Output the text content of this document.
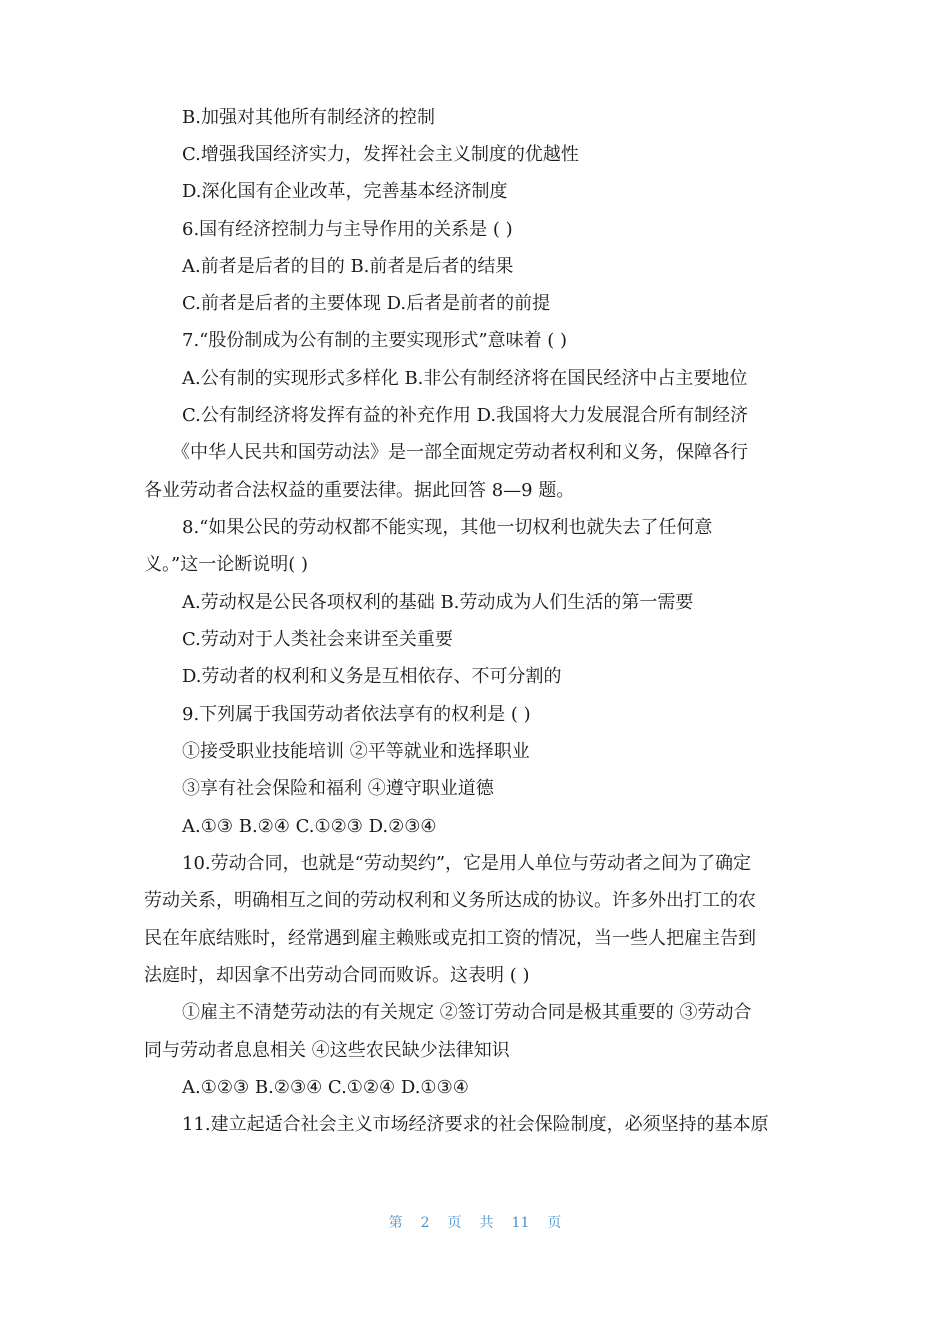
B.加强对其他所有制经济的控制
C.增强我国经济实力，发挥社会主义制度的优越性
D.深化国有企业改革，完善基本经济制度
6.国有经济控制力与主导作用的关系是 ( )
A.前者是后者的目的 B.前者是后者的结果
C.前者是后者的主要体现 D.后者是前者的前提
7.“股份制成为公有制的主要实现形式”意味着 ( )
A.公有制的实现形式多样化 B.非公有制经济将在国民经济中占主要地位
C.公有制经济将发挥有益的补充作用 D.我国将大力发展混合所有制经济
《中华人民共和国劳动法》是一部全面规定劳动者权利和义务，保障各行
各业劳动者合法权益的重要法律。据此回答 8—9 题。
8.“如果公民的劳动权都不能实现，其他一切权利也就失去了任何意
义。”这一论断说明( )
A.劳动权是公民各项权利的基础 B.劳动成为人们生活的第一需要
C.劳动对于人类社会来讲至关重要
D.劳动者的权利和义务是互相依存、不可分割的
9.下列属于我国劳动者依法享有的权利是 ( )
①接受职业技能培训 ②平等就业和选择职业
③享有社会保险和福利 ④遵守职业道德
A.①③ B.②④ C.①②③ D.②③④
10.劳动合同，也就是“劳动契约”，它是用人单位与劳动者之间为了确定
劳动关系，明确相互之间的劳动权利和义务所达成的协议。许多外出打工的农
民在年底结账时，经常遇到雇主赖账或克扣工资的情况，当一些人把雇主告到
法庭时，却因拿不出劳动合同而败诉。这表明 ( )
①雇主不清楚劳动法的有关规定 ②签订劳动合同是极其重要的 ③劳动合
同与劳动者息息相关 ④这些农民缺少法律知识
A.①②③ B.②③④ C.①②④ D.①③④
11.建立起适合社会主义市场经济要求的社会保险制度，必须坚持的基本原
第 2 页 共 11 页
